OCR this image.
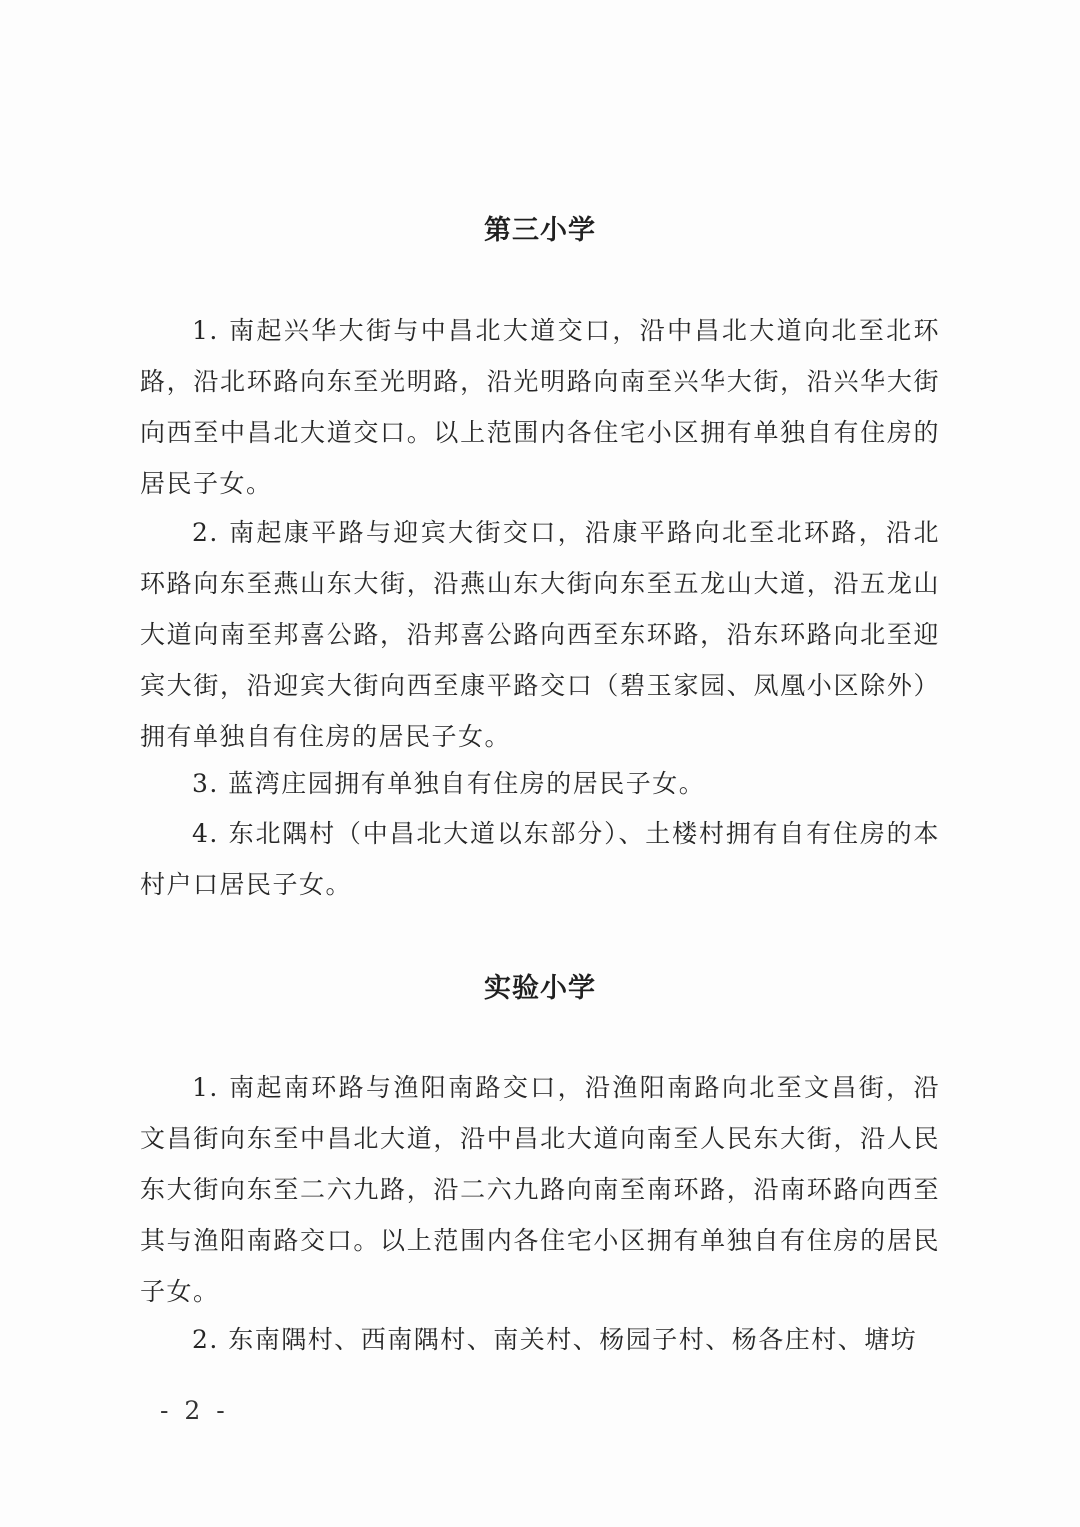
第三小学
1. 南起兴华大街与中昌北大道交口，沿中昌北大道向北至北环路，沿北环路向东至光明路，沿光明路向南至兴华大街，沿兴华大街向西至中昌北大道交口。以上范围内各住宅小区拥有单独自有住房的居民子女。
2. 南起康平路与迎宾大街交口，沿康平路向北至北环路，沿北环路向东至燕山东大街，沿燕山东大街向东至五龙山大道，沿五龙山大道向南至邦喜公路，沿邦喜公路向西至东环路，沿东环路向北至迎宾大街，沿迎宾大街向西至康平路交口（碧玉家园、凤凰小区除外）拥有单独自有住房的居民子女。
3. 蓝湾庄园拥有单独自有住房的居民子女。
4. 东北隅村（中昌北大道以东部分）、土楼村拥有自有住房的本村户口居民子女。
实验小学
1. 南起南环路与渔阳南路交口，沿渔阳南路向北至文昌街，沿文昌街向东至中昌北大道，沿中昌北大道向南至人民东大街，沿人民东大街向东至二六九路，沿二六九路向南至南环路，沿南环路向西至其与渔阳南路交口。以上范围内各住宅小区拥有单独自有住房的居民子女。
2. 东南隅村、西南隅村、南关村、杨园子村、杨各庄村、塘坊
- 2 -
